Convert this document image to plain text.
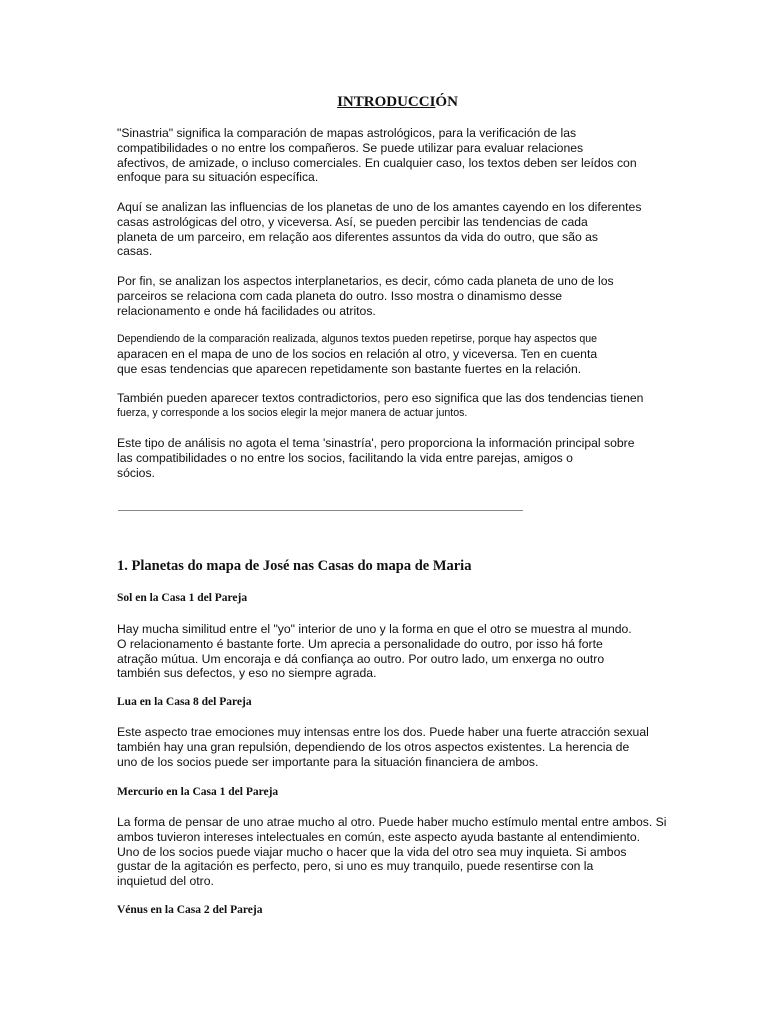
INTRODUCCIÓN
"Sinastria" significa la comparación de mapas astrológicos, para la verificación de las
compatibilidades o no entre los compañeros. Se puede utilizar para evaluar relaciones
afectivos, de amizade, o incluso comerciales. En cualquier caso, los textos deben ser leídos con
enfoque para su situación específica.
Aquí se analizan las influencias de los planetas de uno de los amantes cayendo en los diferentes
casas astrológicas del otro, y viceversa. Así, se pueden percibir las tendencias de cada
planeta de um parceiro, em relação aos diferentes assuntos da vida do outro, que são as
casas.
Por fin, se analizan los aspectos interplanetarios, es decir, cómo cada planeta de uno de los
parceiros se relaciona com cada planeta do outro. Isso mostra o dinamismo desse
relacionamento e onde há facilidades ou atritos.
Dependiendo de la comparación realizada, algunos textos pueden repetirse, porque hay aspectos que
aparacen en el mapa de uno de los socios en relación al otro, y viceversa. Ten en cuenta
que esas tendencias que aparecen repetidamente son bastante fuertes en la relación.
También pueden aparecer textos contradictorios, pero eso significa que las dos tendencias tienen
fuerza, y corresponde a los socios elegir la mejor manera de actuar juntos.
Este tipo de análisis no agota el tema 'sinastría', pero proporciona la información principal sobre
las compatibilidades o no entre los socios, facilitando la vida entre parejas, amigos o
sócios.
1. Planetas do mapa de José nas Casas do mapa de Maria
Sol en la Casa 1 del Pareja
Hay mucha similitud entre el "yo" interior de uno y la forma en que el otro se muestra al mundo.
O relacionamento é bastante forte. Um aprecia a personalidade do outro, por isso há forte
atração mútua. Um encoraja e dá confiança ao outro. Por outro lado, um enxerga no outro
también sus defectos, y eso no siempre agrada.
Lua en la Casa 8 del Pareja
Este aspecto trae emociones muy intensas entre los dos. Puede haber una fuerte atracción sexual
también hay una gran repulsión, dependiendo de los otros aspectos existentes. La herencia de
uno de los socios puede ser importante para la situación financiera de ambos.
Mercurio en la Casa 1 del Pareja
La forma de pensar de uno atrae mucho al otro. Puede haber mucho estímulo mental entre ambos. Si
ambos tuvieron intereses intelectuales en común, este aspecto ayuda bastante al entendimiento.
Uno de los socios puede viajar mucho o hacer que la vida del otro sea muy inquieta. Si ambos
gustar de la agitación es perfecto, pero, si uno es muy tranquilo, puede resentirse con la
inquietud del otro.
Vénus en la Casa 2 del Pareja
